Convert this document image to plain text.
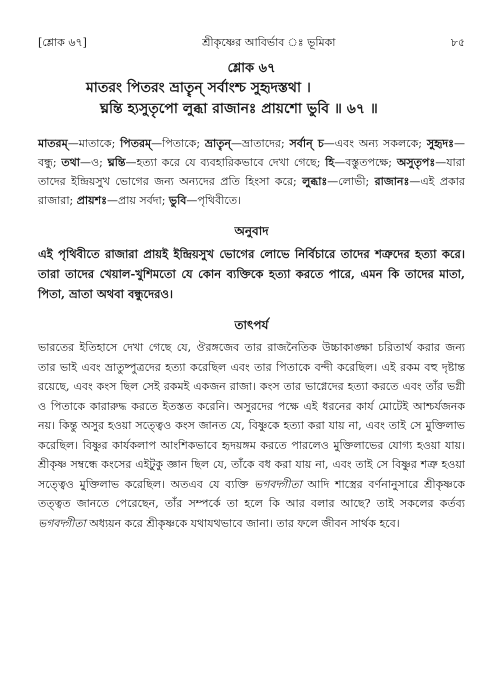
[শ্লোক ৬৭]	শ্রীকৃষ্ণের আবির্ভাব ঃ ভূমিকা	৮৫
শ্লোক ৬৭
মাতরং পিতরং ভ্রাতৄন্‌ সর্বাংশ্চ সুহৃদস্তথা ।
ঘ্নন্তি হ্যসুতৃপো লুব্ধা রাজানঃ প্রায়শো ভুবি ॥ ৬৭ ॥
মাতরম্‌—মাতাকে; পিতরম্‌—পিতাকে; ভ্রাতৄন্‌—ভ্রাতাদের; সর্বান্‌ চ—এবং অন্য সকলকে; সুহৃদঃ—বন্ধু; তথা—ও; ঘ্নন্তি—হত্যা করে যে ব্যবহারিকভাবে দেখা গেছে; হি—বস্তুতপক্ষে; অসুতৃপঃ—যারা তাদের ইন্দ্রিয়সুখ ভোগের জন্য অন্যদের প্রতি হিংসা করে; লুব্ধাঃ—লোভী; রাজানঃ—এই প্রকার রাজারা; প্রায়শঃ—প্রায় সর্বদা; ভুবি—পৃথিবীতে।
অনুবাদ
এই পৃথিবীতে রাজারা প্রায়ই ইন্দ্রিয়সুখ ভোগের লোভে নির্বিচারে তাদের শত্রুদের হত্যা করে। তারা তাদের খেয়াল-খুশিমতো যে কোন ব্যক্তিকে হত্যা করতে পারে, এমন কি তাদের মাতা, পিতা, ভ্রাতা অথবা বন্ধুদেরও।
তাৎপর্য

ভারতের ইতিহাসে দেখা গেছে যে, ঔরঙ্গজেব তার রাজনৈতিক উচ্চাকাঙ্ক্ষা চরিতার্থ করার জন্য তার ভাই এবং ভ্রাতুষ্পুত্রদের হত্যা করেছিল এবং তার পিতাকে বন্দী করেছিল। এই রকম বহু দৃষ্টান্ত রয়েছে, এবং কংস ছিল সেই রকমই একজন রাজা। কংস তার ভাগ্নেদের হত্যা করতে এবং তাঁর ভগ্নী ও পিতাকে কারারুদ্ধ করতে ইতস্তত করেনি। অসুরদের পক্ষে এই ধরনের কার্য মোটেই আশ্চর্যজনক নয়। কিন্তু অসুর হওয়া সত্ত্বেও কংস জানত যে, বিষ্ণুকে হত্যা করা যায় না, এবং তাই সে মুক্তিলাভ করেছিল। বিষ্ণুর কার্যকলাপ আংশিকভাবে হৃদয়ঙ্গম করতে পারলেও মুক্তিলাভের যোগ্য হওয়া যায়। শ্রীকৃষ্ণ সম্বন্ধে কংসের এইটুকু জ্ঞান ছিল যে, তাঁকে বধ করা যায় না, এবং তাই সে বিষ্ণুর শত্রু হওয়া সত্ত্বেও মুক্তিলাভ করেছিল। অতএব যে ব্যক্তি ভগবদ্গীতা আদি শাস্ত্রের বর্ণনানুসারে শ্রীকৃষ্ণকে তত্ত্বত জানতে পেরেছেন, তাঁর সম্পর্কে তা হলে কি আর বলার আছে? তাই সকলের কর্তব্য ভগবদ্গীতা অধ্যয়ন করে শ্রীকৃষ্ণকে যথাযথভাবে জানা। তার ফলে জীবন সার্থক হবে।
